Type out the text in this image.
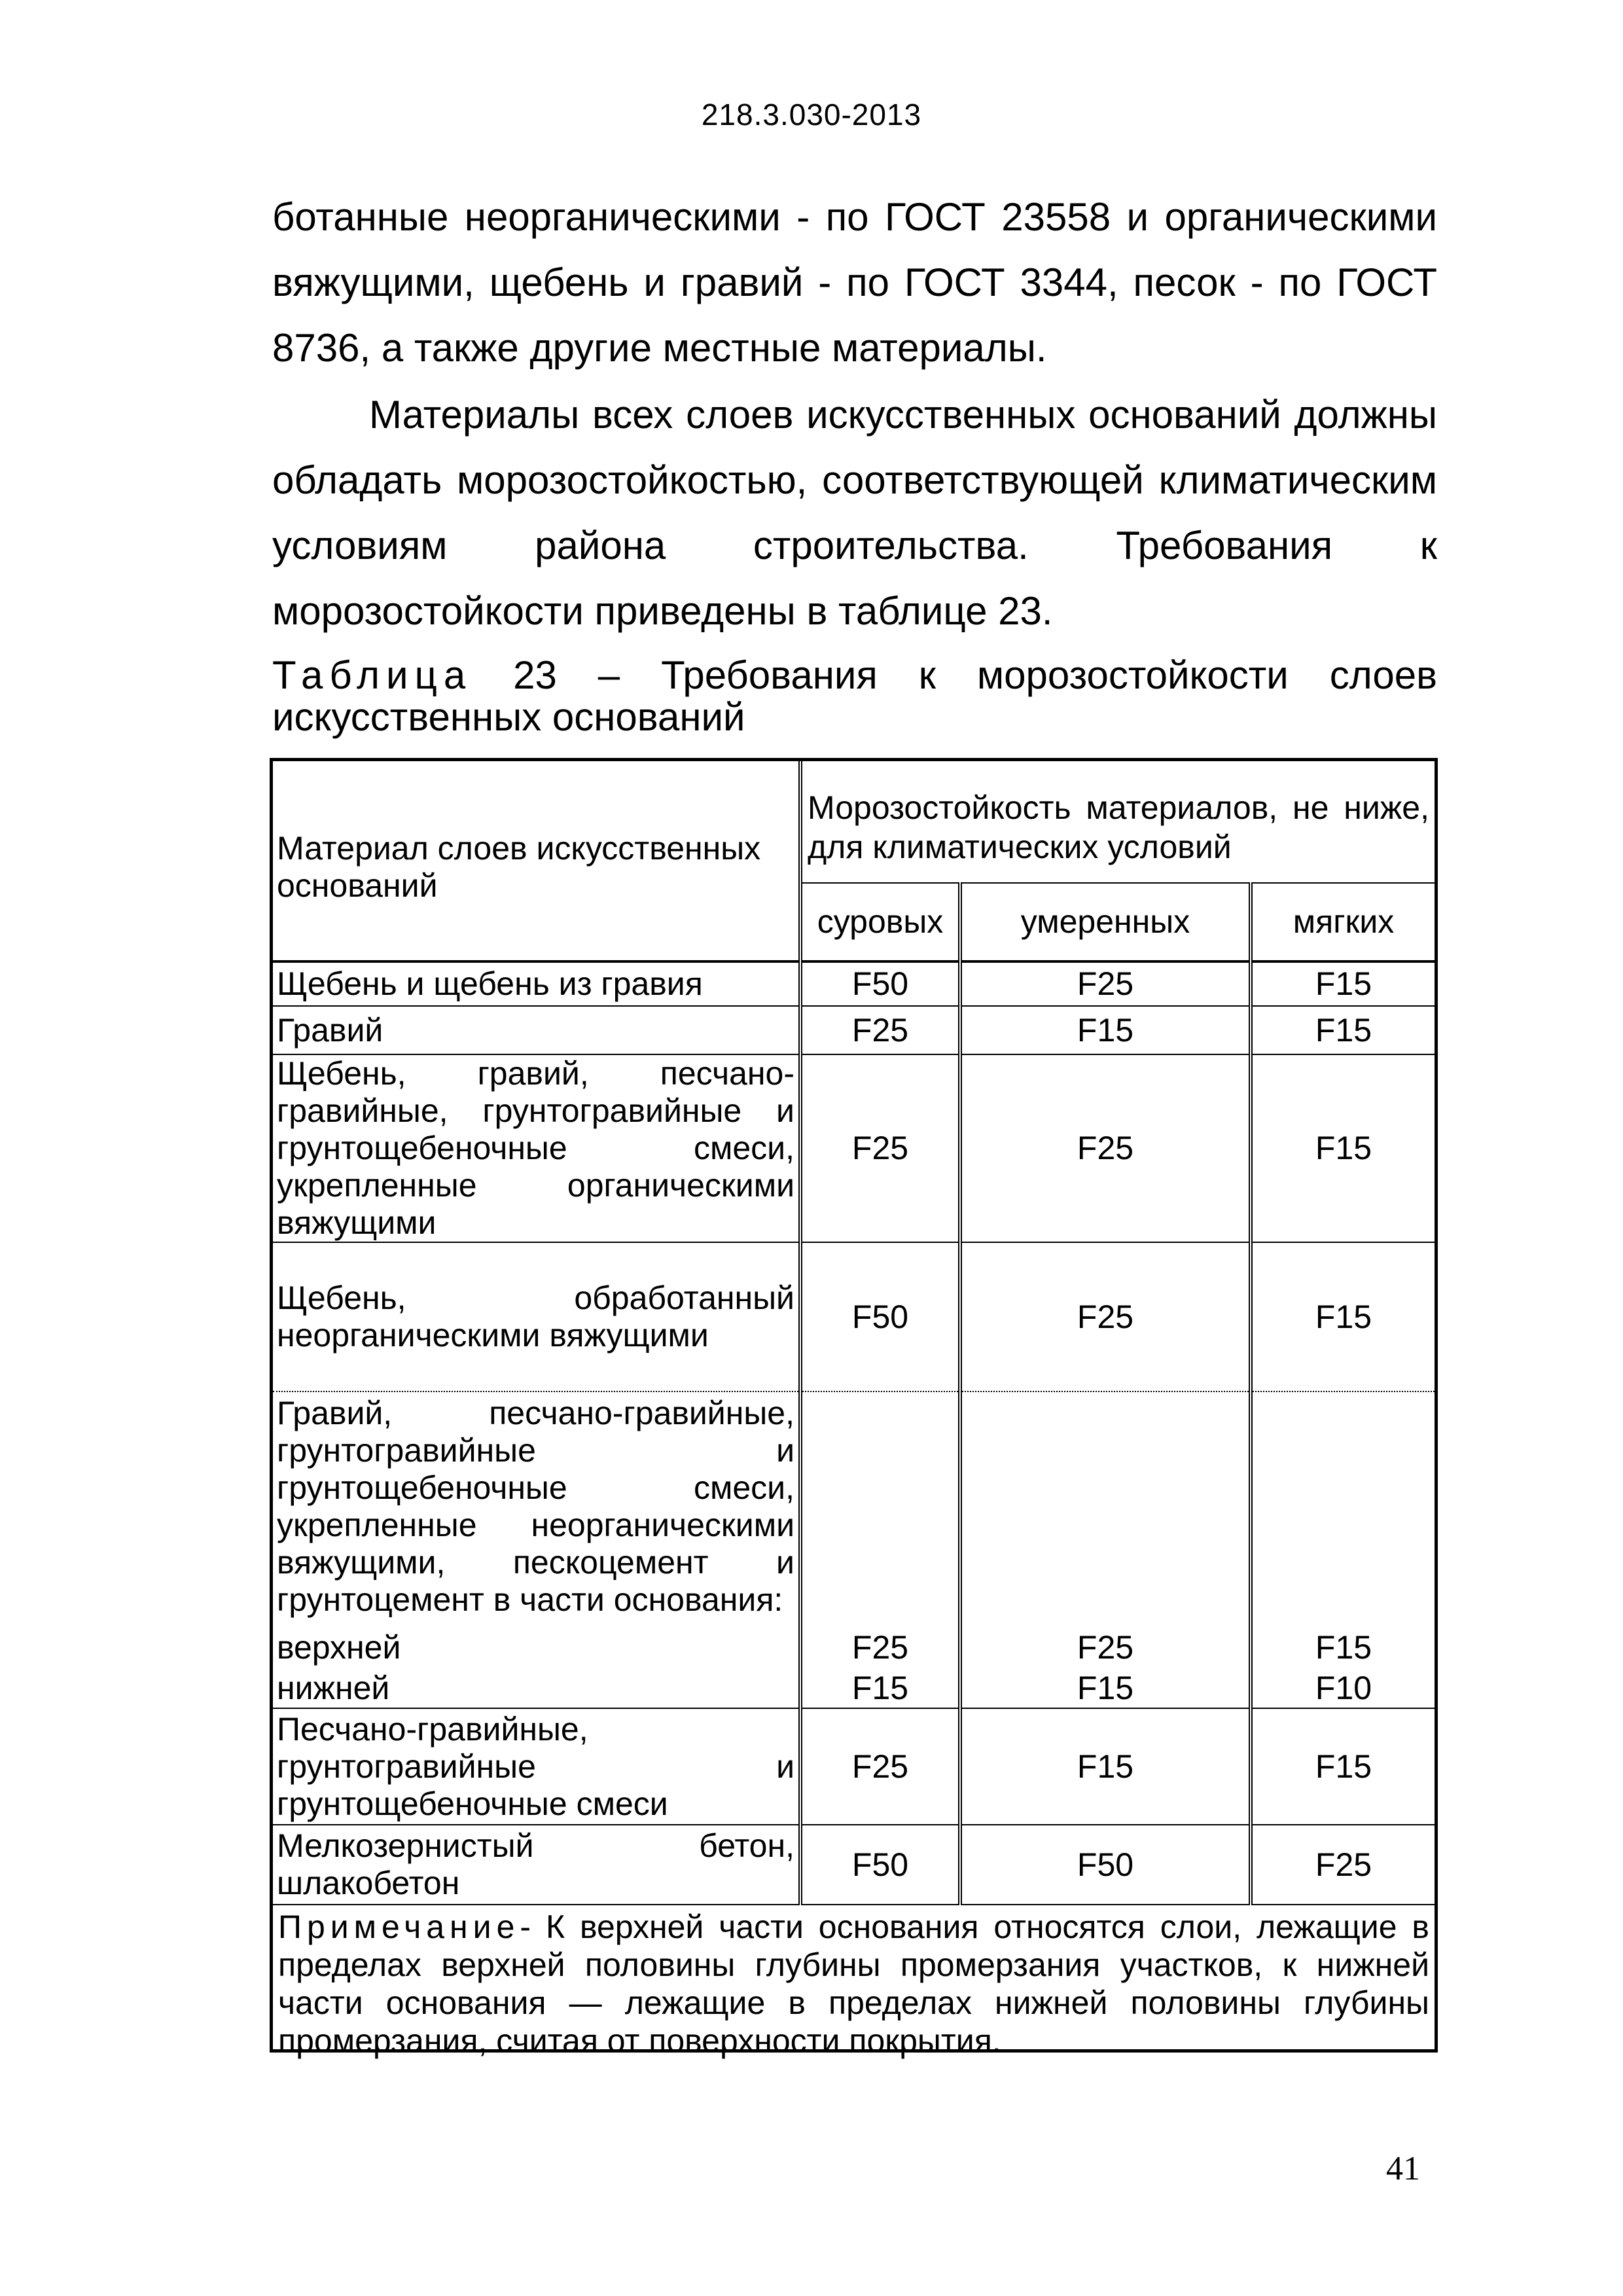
218.3.030-2013

ботанные неорганическими - по ГОСТ 23558 и органическими вяжущими, щебень и гравий - по ГОСТ 3344, песок - по ГОСТ 8736, а также другие местные материалы.

Материалы всех слоев искусственных оснований должны обладать морозостойкостью, соответствующей климатическим условиям района строительства. Требования к морозостойкости приведены в таблице 23.

Таблица 23 – Требования к морозостойкости слоев искусственных оснований

Материал слоев искусственных оснований	Морозостойкость материалов, не ниже, для климатических условий		
	суровых	умеренных	мягких
Щебень и щебень из гравия	F50	F25	F15
Гравий	F25	F15	F15
Щебень, гравий, песчано-гравийные, грунтогравийные и грунтощебеночные смеси, укрепленные органическими вяжущими	F25	F25	F15
Щебень, обработанный неорганическими вяжущими	F50	F25	F15
Гравий, песчано-гравийные, грунтогравийные и грунтощебеночные смеси, укрепленные неорганическими вяжущими, пескоцемент и грунтоцемент в части основания:			
верхней	F25	F25	F15
нижней	F15	F15	F10
Песчано-гравийные, грунтогравийные и грунтощебеночные смеси	F25	F15	F15
Мелкозернистый бетон, шлакобетон	F50	F50	F25
Примечание- К верхней части основания относятся слои, лежащие в пределах верхней половины глубины промерзания участков, к нижней части основания — лежащие в пределах нижней половины глубины промерзания, считая от поверхности покрытия.			
41
